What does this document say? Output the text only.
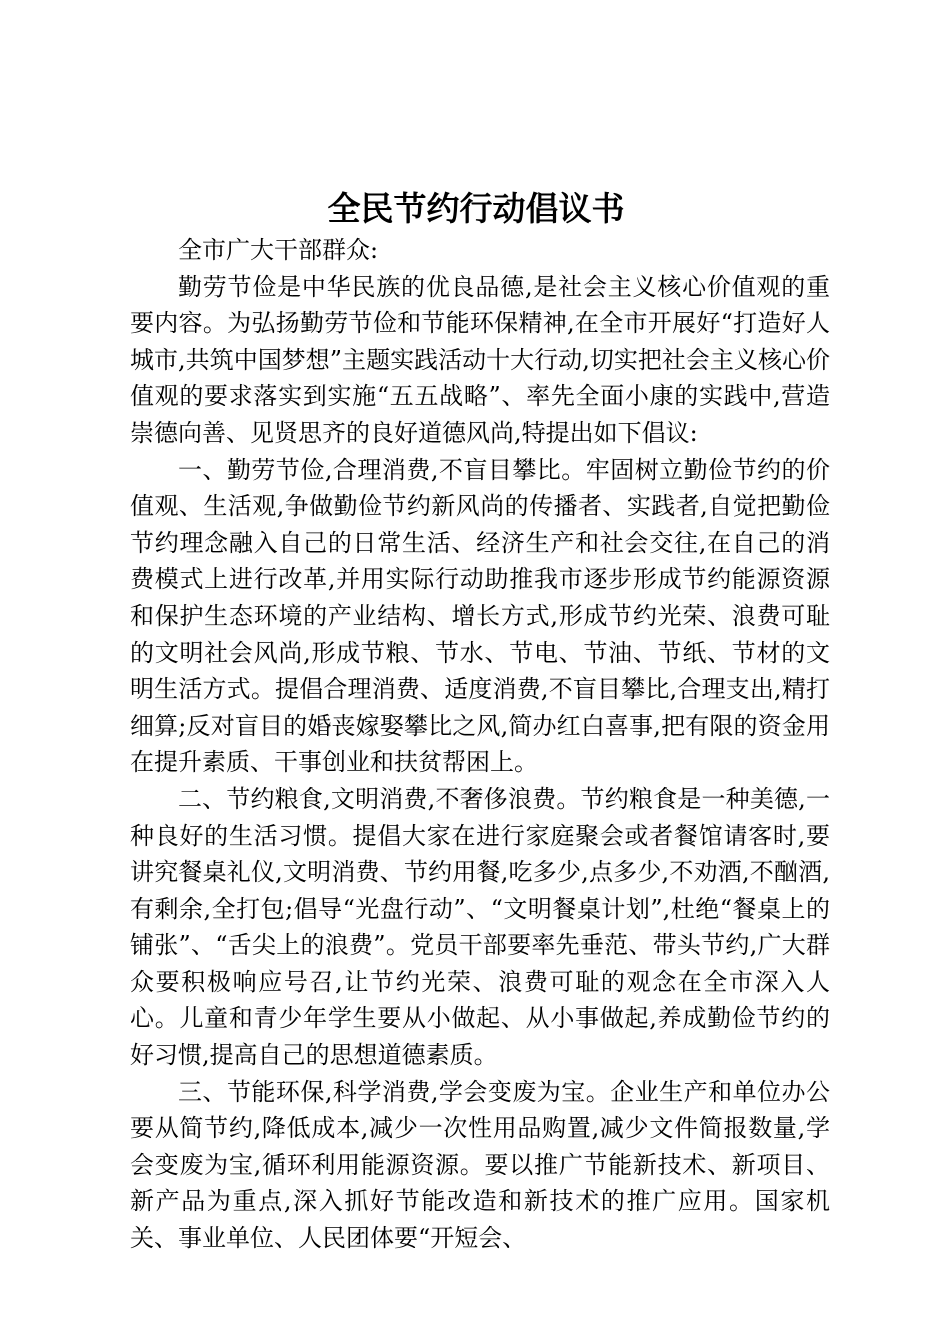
全民节约行动倡议书

全市广大干部群众:

勤劳节俭是中华民族的优良品德,是社会主义核心价值观的重要内容。为弘扬勤劳节俭和节能环保精神,在全市开展好“打造好人城市,共筑中国梦想”主题实践活动十大行动,切实把社会主义核心价值观的要求落实到实施“五五战略”、率先全面小康的实践中,营造崇德向善、见贤思齐的良好道德风尚,特提出如下倡议:

一、勤劳节俭,合理消费,不盲目攀比。牢固树立勤俭节约的价值观、生活观,争做勤俭节约新风尚的传播者、实践者,自觉把勤俭节约理念融入自己的日常生活、经济生产和社会交往,在自己的消费模式上进行改革,并用实际行动助推我市逐步形成节约能源资源和保护生态环境的产业结构、增长方式,形成节约光荣、浪费可耻的文明社会风尚,形成节粮、节水、节电、节油、节纸、节材的文明生活方式。提倡合理消费、适度消费,不盲目攀比,合理支出,精打细算;反对盲目的婚丧嫁娶攀比之风,简办红白喜事,把有限的资金用在提升素质、干事创业和扶贫帮困上。

二、节约粮食,文明消费,不奢侈浪费。节约粮食是一种美德,一种良好的生活习惯。提倡大家在进行家庭聚会或者餐馆请客时,要讲究餐桌礼仪,文明消费、节约用餐,吃多少,点多少,不劝酒,不酗酒,有剩余,全打包;倡导“光盘行动”、“文明餐桌计划”,杜绝“餐桌上的铺张”、“舌尖上的浪费”。党员干部要率先垂范、带头节约,广大群众要积极响应号召,让节约光荣、浪费可耻的观念在全市深入人心。儿童和青少年学生要从小做起、从小事做起,养成勤俭节约的好习惯,提高自己的思想道德素质。

三、节能环保,科学消费,学会变废为宝。企业生产和单位办公要从简节约,降低成本,减少一次性用品购置,减少文件简报数量,学会变废为宝,循环利用能源资源。要以推广节能新技术、新项目、新产品为重点,深入抓好节能改造和新技术的推广应用。国家机关、事业单位、人民团体要“开短会、
